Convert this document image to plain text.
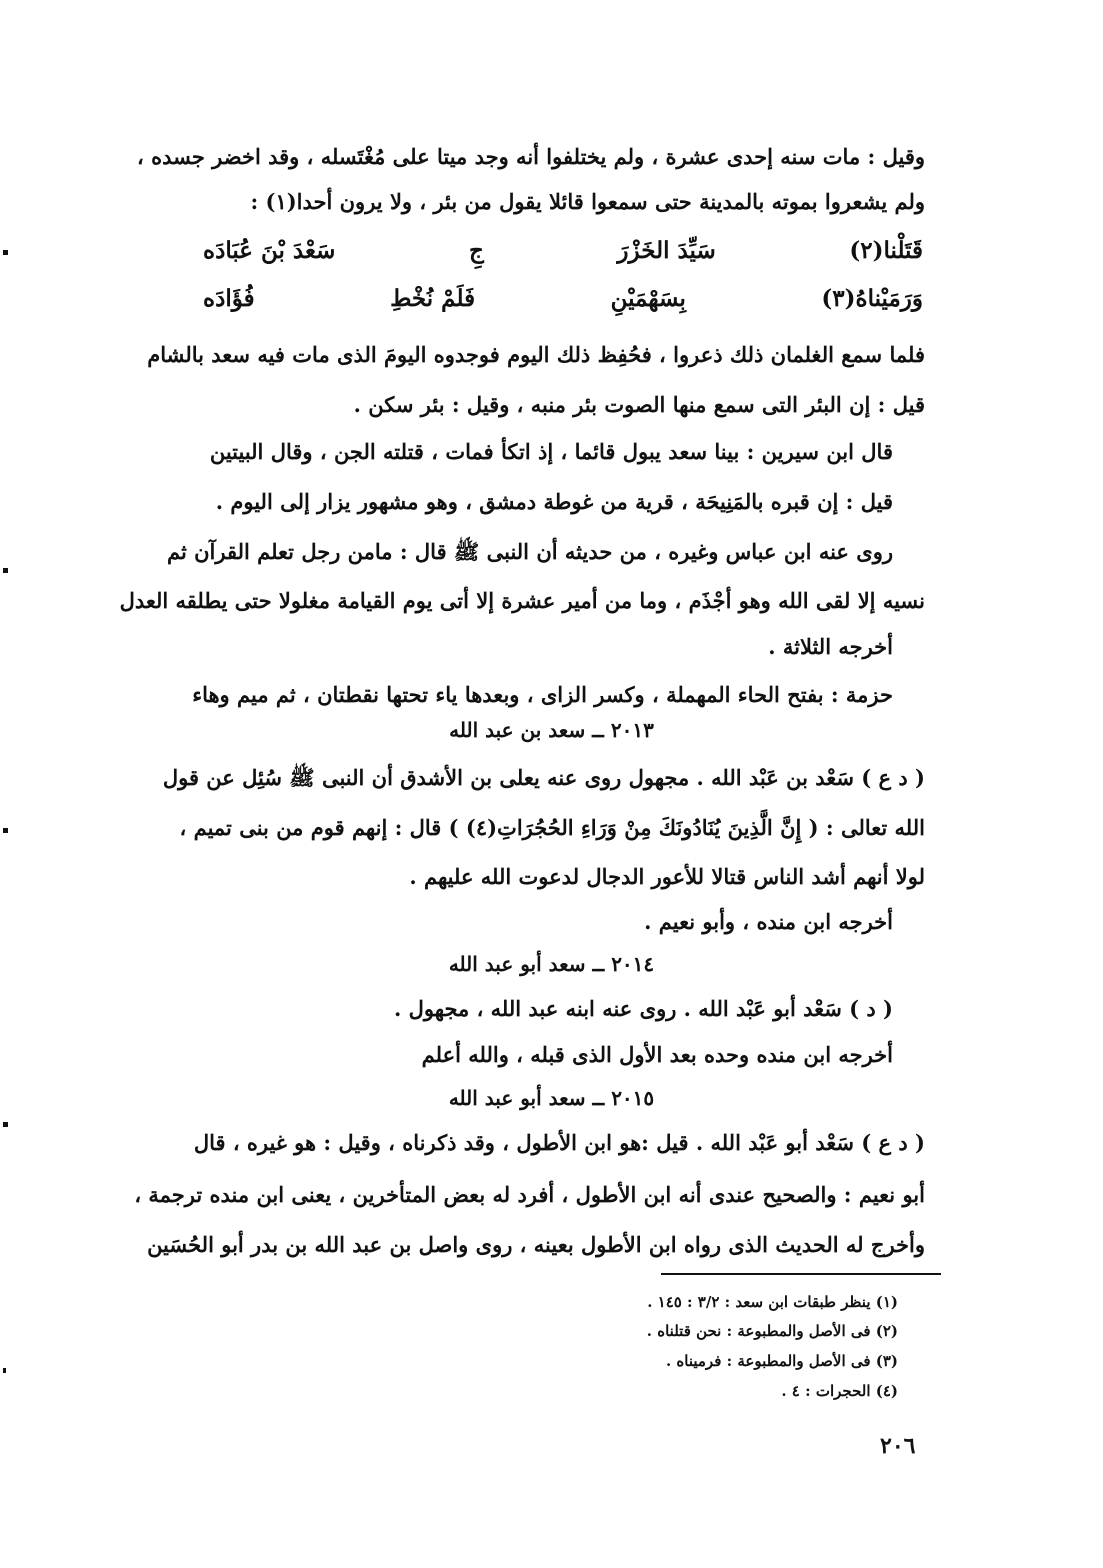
وقيل : مات سنه إحدى عشرة ، ولم يختلفوا أنه وجد ميتا على مُغْتَسله ، وقد اخضر جسده ،
ولم يشعروا بموته بالمدينة حتى سمعوا قائلا يقول من بئر ، ولا يرون أحدا(١) :
قَتَلْنا(٢)
سَيِّدَ الخَزْرَ
جِ
سَعْدَ بْنَ عُبَادَه
وَرَمَيْناهُ(٣)
بِسَهْمَيْنِ
فَلَمْ نُخْطِ
فُؤَادَه
فلما سمع الغلمان ذلك ذعروا ، فحُفِظ ذلك اليوم فوجدوه اليومَ الذى مات فيه سعد بالشام
قيل : إن البئر التى سمع منها الصوت بئر منبه ، وقيل : بئر سكن .
قال ابن سيرين : بينا سعد يبول قائما ، إذ اتكأ فمات ، قتلته الجن ، وقال البيتين
قيل : إن قبره بالمَنِيحَة ، قرية من غوطة دمشق ، وهو مشهور يزار إلى اليوم .
روى عنه ابن عباس وغيره ، من حديثه أن النبى ﷺ قال : مامن رجل تعلم القرآن ثم
نسيه إلا لقى الله وهو أجْذَم ، وما من أمير عشرة إلا أتى يوم القيامة مغلولا حتى يطلقه العدل
أخرجه الثلاثة .
حزمة : بفتح الحاء المهملة ، وكسر الزاى ، وبعدها ياء تحتها نقطتان ، ثم ميم وهاء
٢٠١٣ ــ سعد بن عبد الله
( د ع ) سَعْد بن عَبْد الله . مجهول روى عنه يعلى بن الأشدق أن النبى ﷺ سُئِل عن قول
الله تعالى : ( إِنَّ الَّذِينَ يُنَادُونَكَ مِنْ وَرَاءِ الحُجُرَاتِ(٤) ) قال : إنهم قوم من بنى تميم ،
لولا أنهم أشد الناس قتالا للأعور الدجال لدعوت الله عليهم .
أخرجه ابن منده ، وأبو نعيم .
٢٠١٤ ــ سعد أبو عبد الله
( د ) سَعْد أبو عَبْد الله . روى عنه ابنه عبد الله ، مجهول .
أخرجه ابن منده وحده بعد الأول الذى قبله ، والله أعلم
٢٠١٥ ــ سعد أبو عبد الله
( د ع ) سَعْد أبو عَبْد الله . قيل :هو ابن الأطول ، وقد ذكرناه ، وقيل : هو غيره ، قال
أبو نعيم : والصحيح عندى أنه ابن الأطول ، أفرد له بعض المتأخرين ، يعنى ابن منده ترجمة ،
وأخرج له الحديث الذى رواه ابن الأطول بعينه ، روى واصل بن عبد الله بن بدر أبو الحُسَين
(١) ينظر طبقات ابن سعد : ٣/٢ : ١٤٥ .
(٢) فى الأصل والمطبوعة : نحن قتلناه .
(٣) فى الأصل والمطبوعة : فرميناه .
(٤) الحجرات : ٤ .
٢٠٦
